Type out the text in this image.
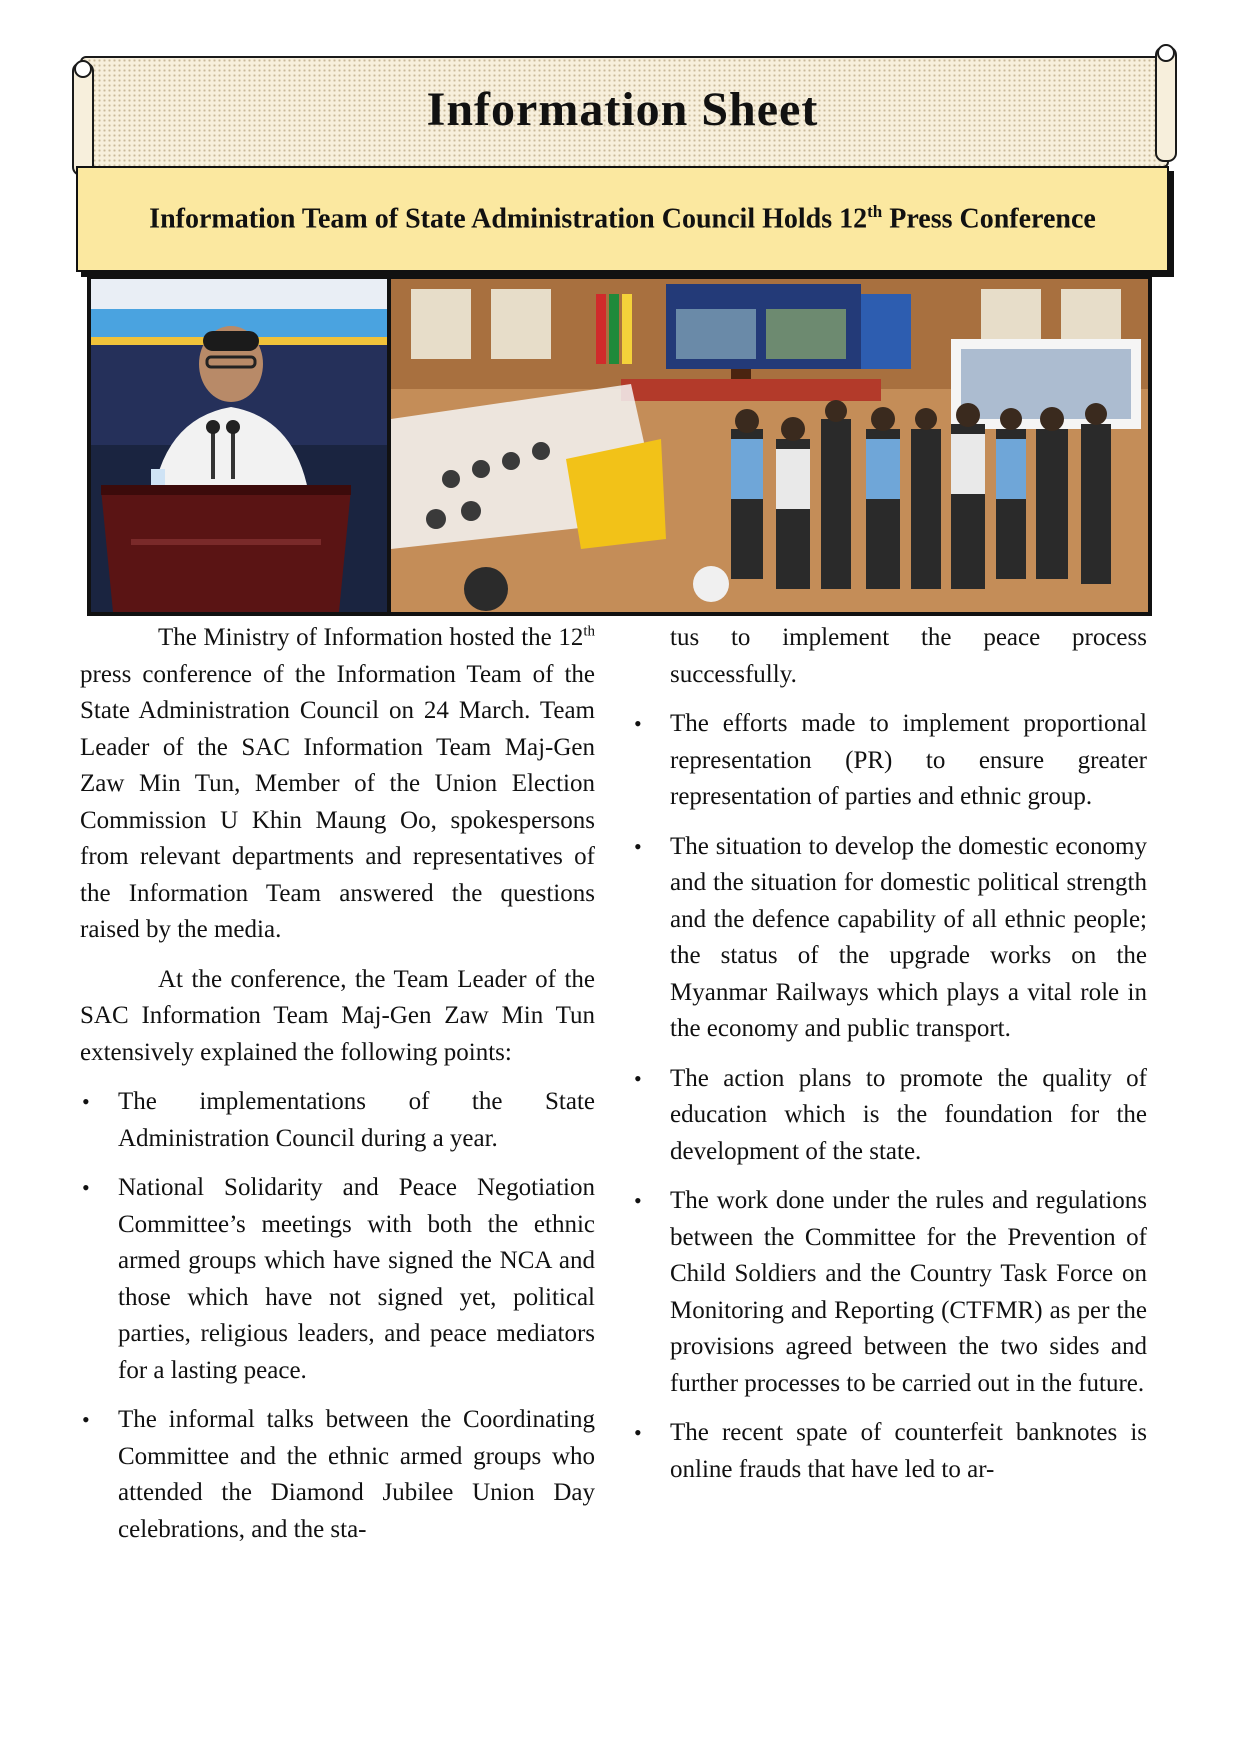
Information Sheet
Information Team of State Administration Council Holds 12th Press Conference

The Ministry of Information hosted the 12th press conference of the Information Team of the State Administration Council on 24 March. Team Leader of the SAC Information Team Maj-Gen Zaw Min Tun, Member of the Union Election Commission U Khin Maung Oo, spokespersons from relevant departments and representatives of the Information Team answered the questions raised by the media.

At the conference, the Team Leader of the SAC Information Team Maj-Gen Zaw Min Tun extensively explained the following points:

• The implementations of the State Administration Council during a year.
• National Solidarity and Peace Negotiation Committee’s meetings with both the ethnic armed groups which have signed the NCA and those which have not signed yet, political parties, religious leaders, and peace mediators for a lasting peace.
• The informal talks between the Coordinating Committee and the ethnic armed groups who attended the Diamond Jubilee Union Day celebrations, and the sta-

tus to implement the peace process successfully.

• The efforts made to implement proportional representation (PR) to ensure greater representation of parties and ethnic group.
• The situation to develop the domestic economy and the situation for domestic political strength and the defence capability of all ethnic people; the status of the upgrade works on the Myanmar Railways which plays a vital role in the economy and public transport.
• The action plans to promote the quality of education which is the foundation for the development of the state.
• The work done under the rules and regulations between the Committee for the Prevention of Child Soldiers and the Country Task Force on Monitoring and Reporting (CTFMR) as per the provisions agreed between the two sides and further processes to be carried out in the future.
• The recent spate of counterfeit banknotes is online frauds that have led to ar-
